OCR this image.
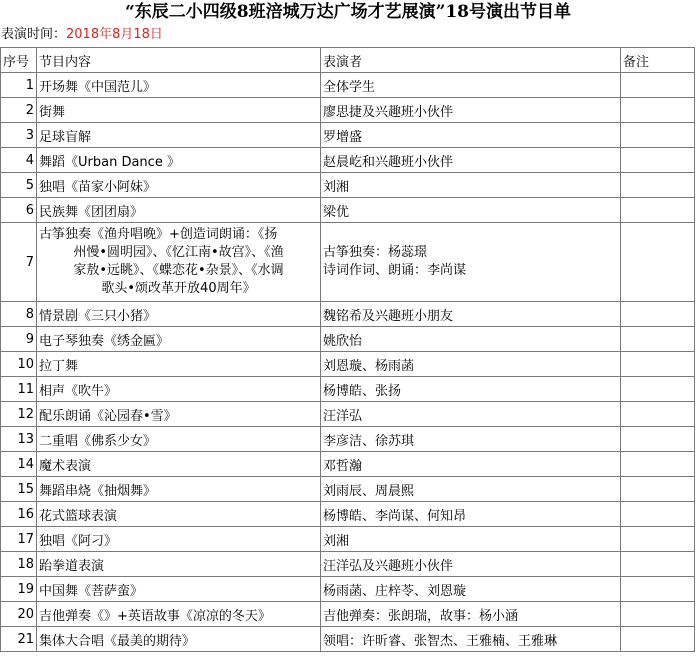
“东辰二小四级8班涪城万达广场才艺展演”18号演出节目单
表演时间：2018年8月18日
序号	节目内容	表演者	备注
1	开场舞《中国范儿》	全体学生	
2	街舞	廖思捷及兴趣班小伙伴	
3	足球盲解	罗增盛	
4	舞蹈《Urban Dance 》	赵晨屹和兴趣班小伙伴	
5	独唱《苗家小阿妹》	刘湘	
6	民族舞《团团扇》	梁优	
7	古筝独奏《渔舟唱晚》+创造词朗诵：《扬
州慢•圆明园》、《忆江南•故宫》、《渔
家敖•远眺》、《蝶恋花•杂景》、《水调
歌头•颂改革开放40周年》	古筝独奏：杨蕊璟
诗词作词、朗诵：李尚谋	

8	情景剧《三只小猪》	魏铭希及兴趣班小朋友	
9	电子琴独奏《绣金匾》	姚欣怡	
10	拉丁舞	刘恩璇、杨雨菡	
11	相声《吹牛》	杨博皓、张扬	
12	配乐朗诵《沁园春•雪》	汪洋弘	
13	二重唱《佛系少女》	李彦洁、徐苏琪	
14	魔术表演	邓哲瀚	
15	舞蹈串烧《抽烟舞》	刘雨辰、周晨熙	
16	花式篮球表演	杨博皓、李尚谋、何知昂	
17	独唱《阿刁》	刘湘	
18	跆拳道表演	汪洋弘及兴趣班小伙伴	
19	中国舞《菩萨蛮》	杨雨菡、庄梓苓、刘恩璇	
20	吉他弹奏《》+英语故事《凉凉的冬天》	吉他弹奏：张朗瑞，故事：杨小涵	
21	集体大合唱《最美的期待》	领唱：许昕睿、张智杰、王雅楠、王雅琳	
